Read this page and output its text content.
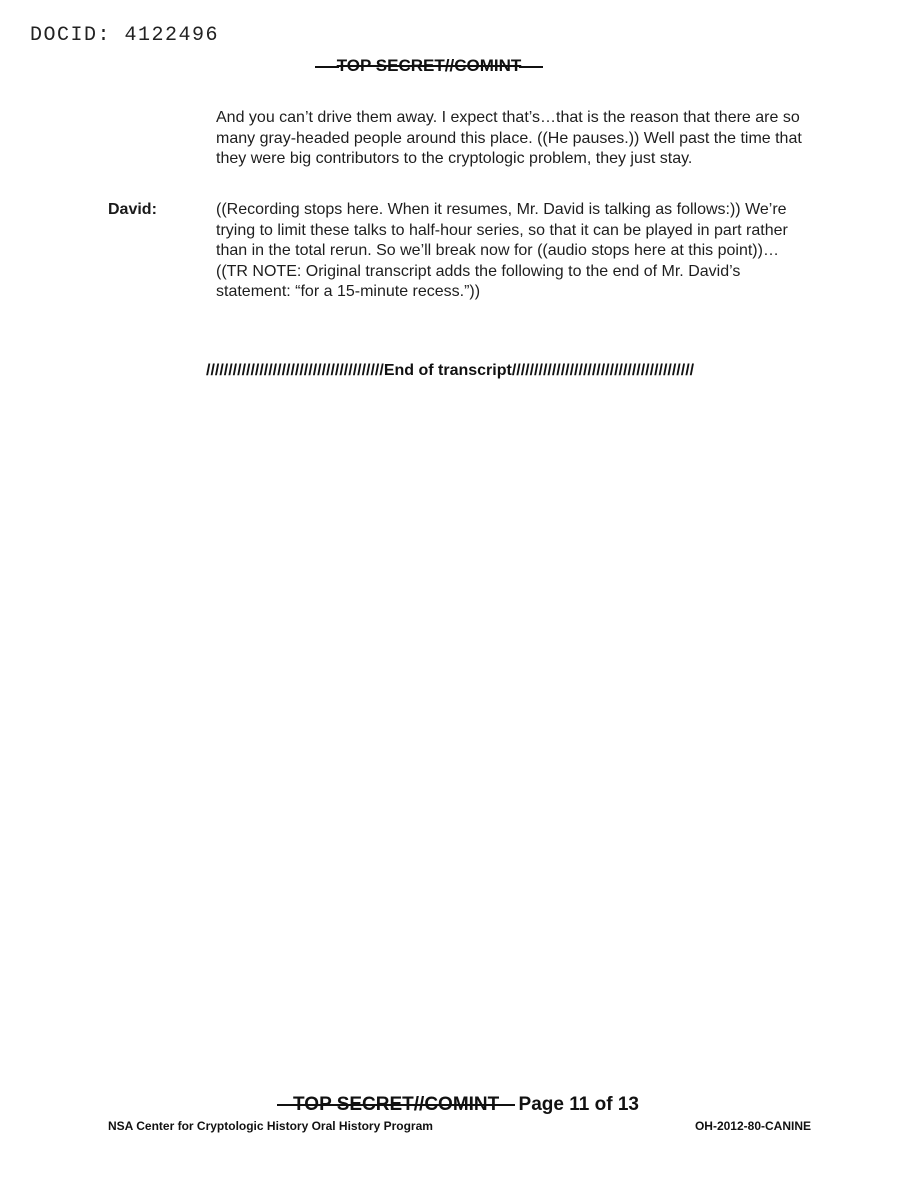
DOCID: 4122496
TOP SECRET//COMINT
And you can’t drive them away. I expect that’s…that is the reason that there are so many gray-headed people around this place. ((He pauses.)) Well past the time that they were big contributors to the cryptologic problem, they just stay.
David:	((Recording stops here. When it resumes, Mr. David is talking as follows:)) We’re trying to limit these talks to half-hour series, so that it can be played in part rather than in the total rerun. So we’ll break now for ((audio stops here at this point))… ((TR NOTE: Original transcript adds the following to the end of Mr. David’s statement: “for a 15-minute recess.”))
////////////////////////////////////////End of transcript/////////////////////////////////////////
TOP SECRET//COMINT Page 11 of 13
NSA Center for Cryptologic History Oral History Program	OH-2012-80-CANINE
